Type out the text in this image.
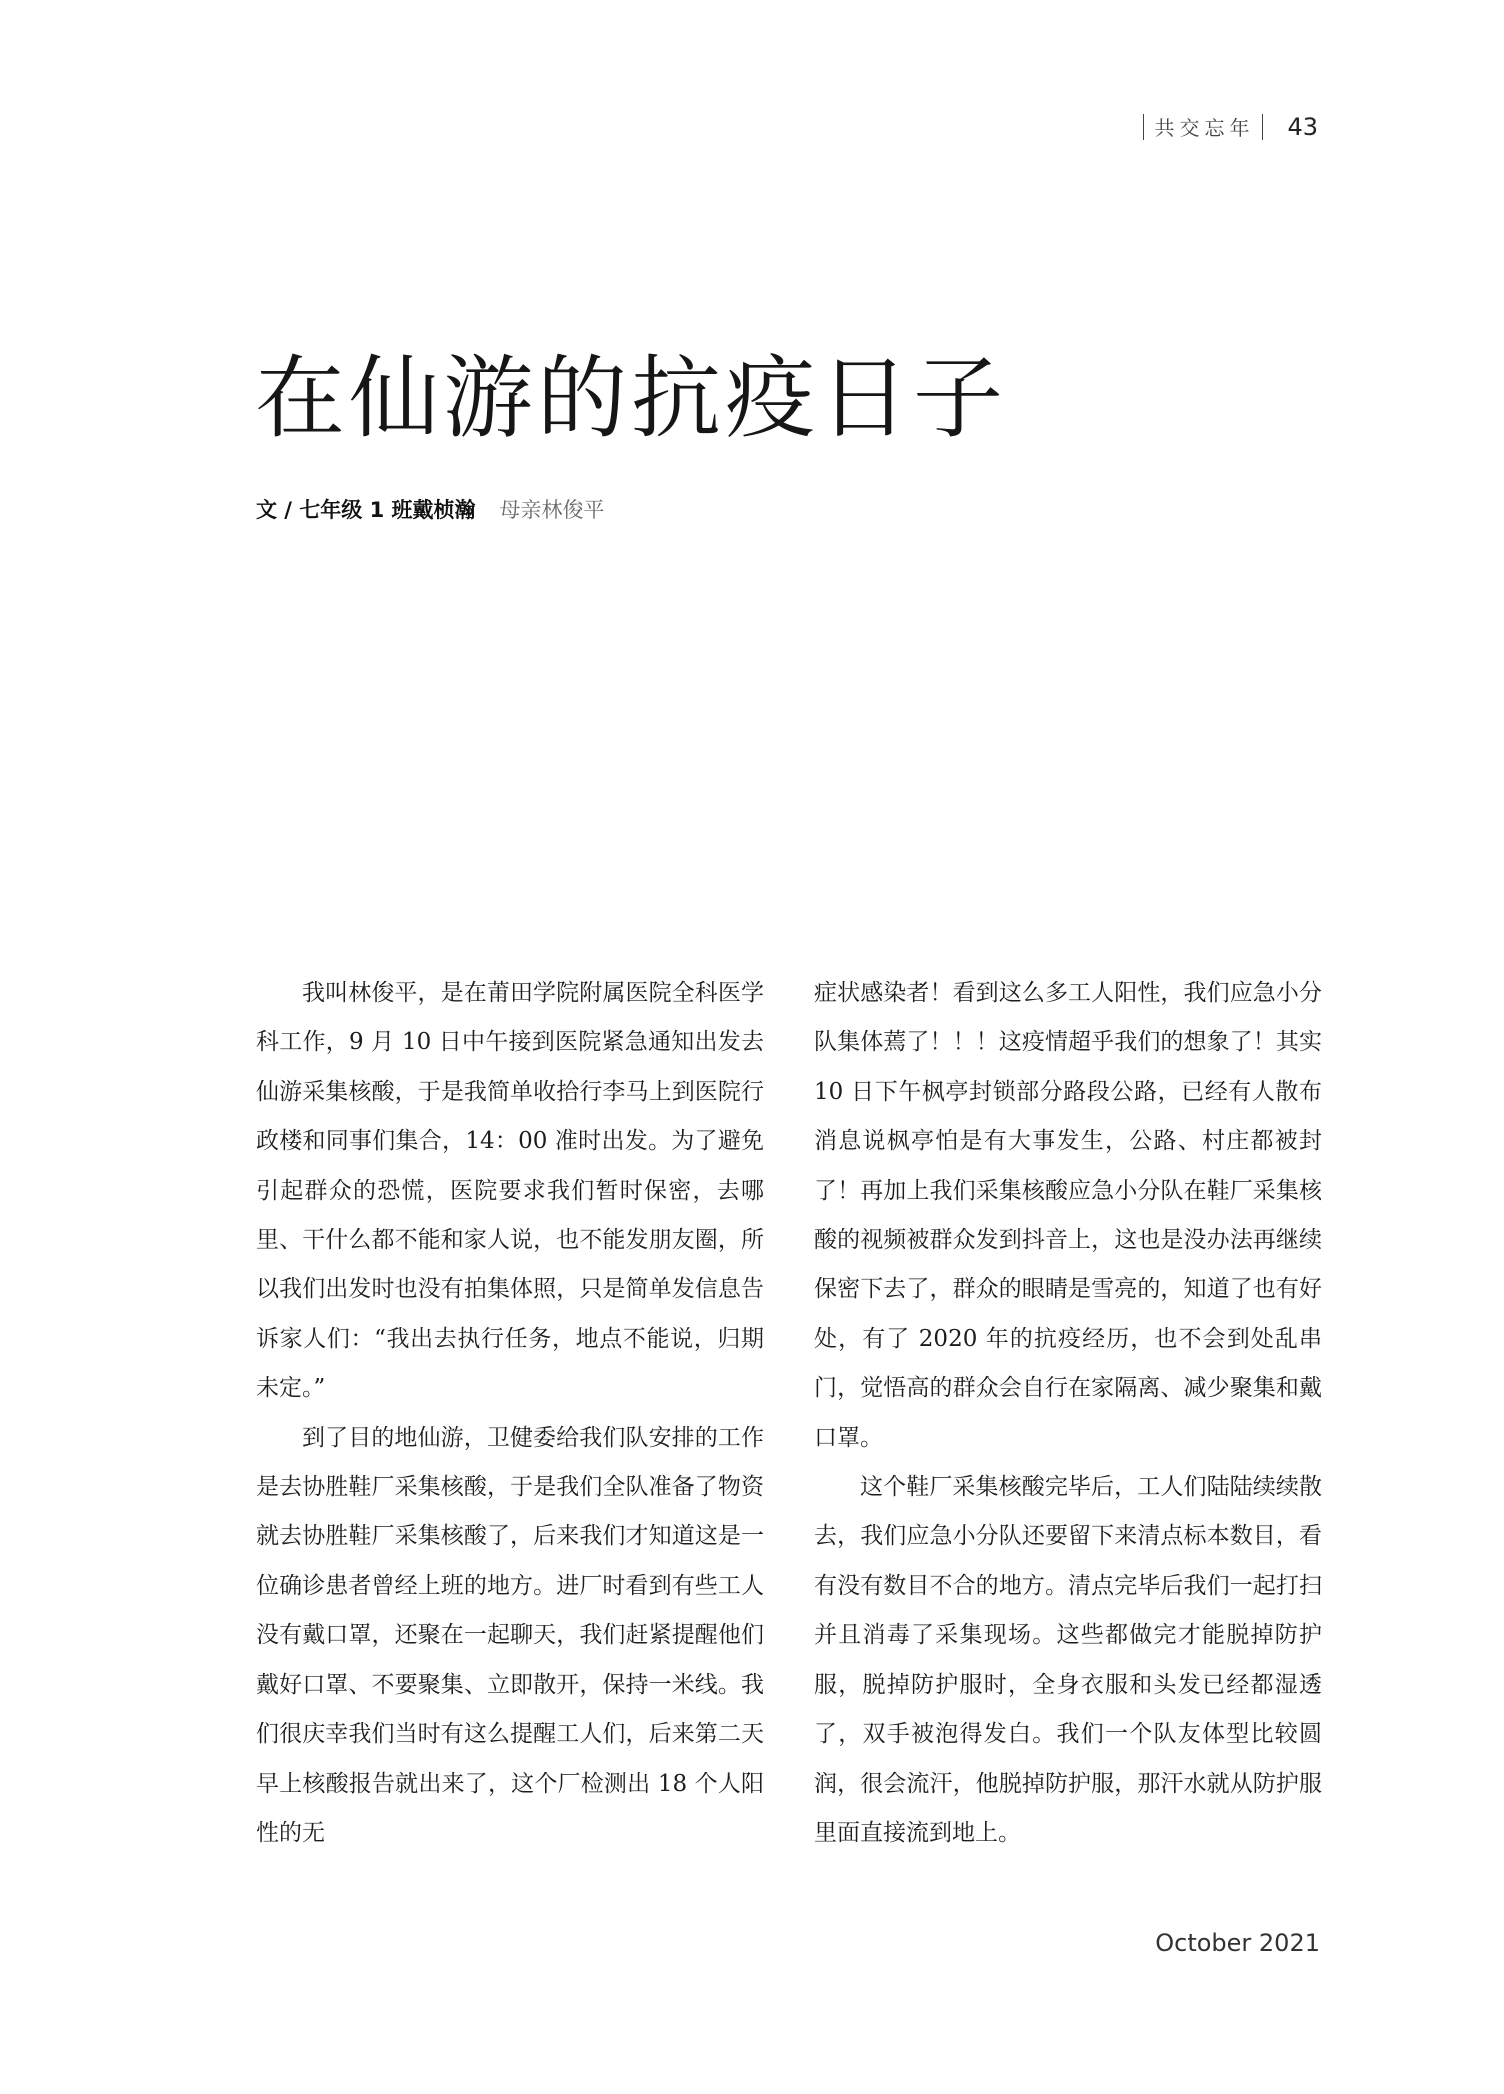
共交忘年	43
在仙游的抗疫日子
文 / 七年级 1 班戴桢瀚 母亲林俊平

我叫林俊平，是在莆田学院附属医院全科医学科工作，9 月 10 日中午接到医院紧急通知出发去仙游采集核酸，于是我简单收拾行李马上到医院行政楼和同事们集合，14：00 准时出发。为了避免引起群众的恐慌，医院要求我们暂时保密，去哪里、干什么都不能和家人说，也不能发朋友圈，所以我们出发时也没有拍集体照，只是简单发信息告诉家人们：“我出去执行任务，地点不能说，归期未定。”

到了目的地仙游，卫健委给我们队安排的工作是去协胜鞋厂采集核酸，于是我们全队准备了物资就去协胜鞋厂采集核酸了，后来我们才知道这是一位确诊患者曾经上班的地方。进厂时看到有些工人没有戴口罩，还聚在一起聊天，我们赶紧提醒他们戴好口罩、不要聚集、立即散开，保持一米线。我们很庆幸我们当时有这么提醒工人们，后来第二天早上核酸报告就出来了，这个厂检测出 18 个人阳性的无

症状感染者！看到这么多工人阳性，我们应急小分队集体蔫了！！！这疫情超乎我们的想象了！其实 10 日下午枫亭封锁部分路段公路，已经有人散布消息说枫亭怕是有大事发生，公路、村庄都被封了！再加上我们采集核酸应急小分队在鞋厂采集核酸的视频被群众发到抖音上，这也是没办法再继续保密下去了，群众的眼睛是雪亮的，知道了也有好处，有了 2020 年的抗疫经历，也不会到处乱串门，觉悟高的群众会自行在家隔离、减少聚集和戴口罩。

这个鞋厂采集核酸完毕后，工人们陆陆续续散去，我们应急小分队还要留下来清点标本数目，看有没有数目不合的地方。清点完毕后我们一起打扫并且消毒了采集现场。这些都做完才能脱掉防护服，脱掉防护服时，全身衣服和头发已经都湿透了，双手被泡得发白。我们一个队友体型比较圆润，很会流汗，他脱掉防护服，那汗水就从防护服里面直接流到地上。

October 2021
